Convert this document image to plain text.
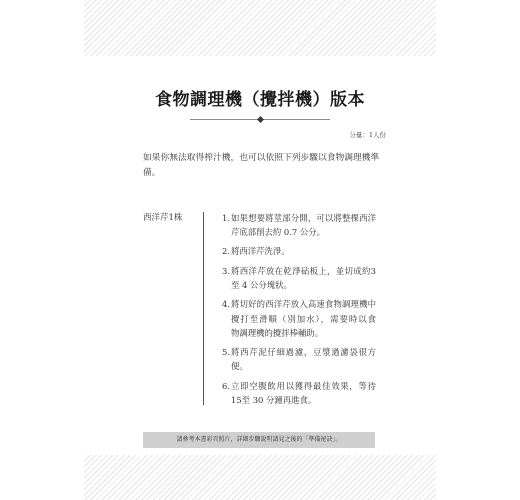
食物調理機（攪拌機）版本
分量：1人份
如果你無法取得榨汁機，也可以依照下列步驟以食物調理機準備。
西洋芹1株	1. 如果想要將莖部分開，可以將整棵西洋
芹底部削去約 0.7 公分。
2. 將西洋芹洗淨。
3. 將西洋芹放在乾淨砧板上，並切成約3
至 4 公分塊狀。
4. 將切好的西洋芹放入高速食物調理機中
攪打至滑順（別加水），需要時以食
物調理機的攪拌棒輔助。
5. 將西芹泥仔細過濾，豆漿過濾袋很方
便。
6. 立即空腹飲用以獲得最佳效果，等待
15至 30 分鐘再進食。
請參考本書彩頁照片，詳細步驟說明請見之後的「準備祕訣」。
